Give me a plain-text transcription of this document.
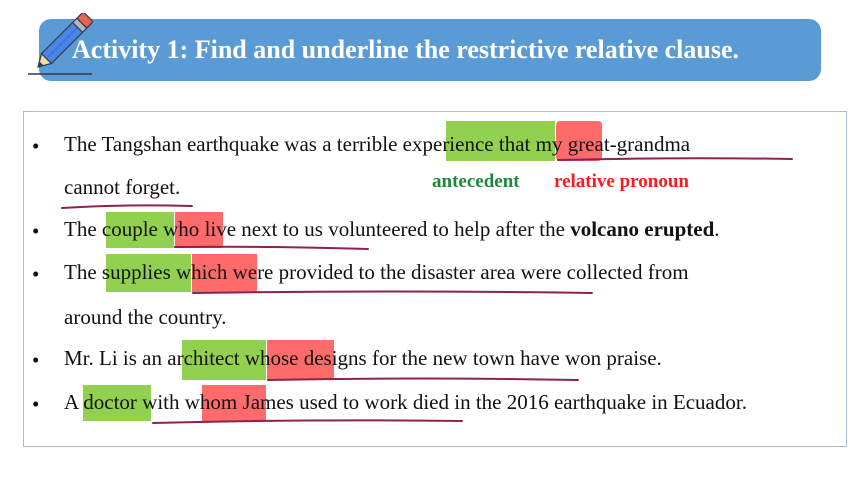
Activity 1: Find and underline the restrictive relative clause.
•
•
•
•
•
The Tangshan earthquake was a terrible experience that my great-grandma
cannot forget.	antecedent relative pronoun
The couple who live next to us volunteered to help after the volcano erupted.
The supplies which were provided to the disaster area were collected from
around the country.
Mr. Li is an architect whose designs for the new town have won praise.
A doctor with whom James used to work died in the 2016 earthquake in Ecuador.
